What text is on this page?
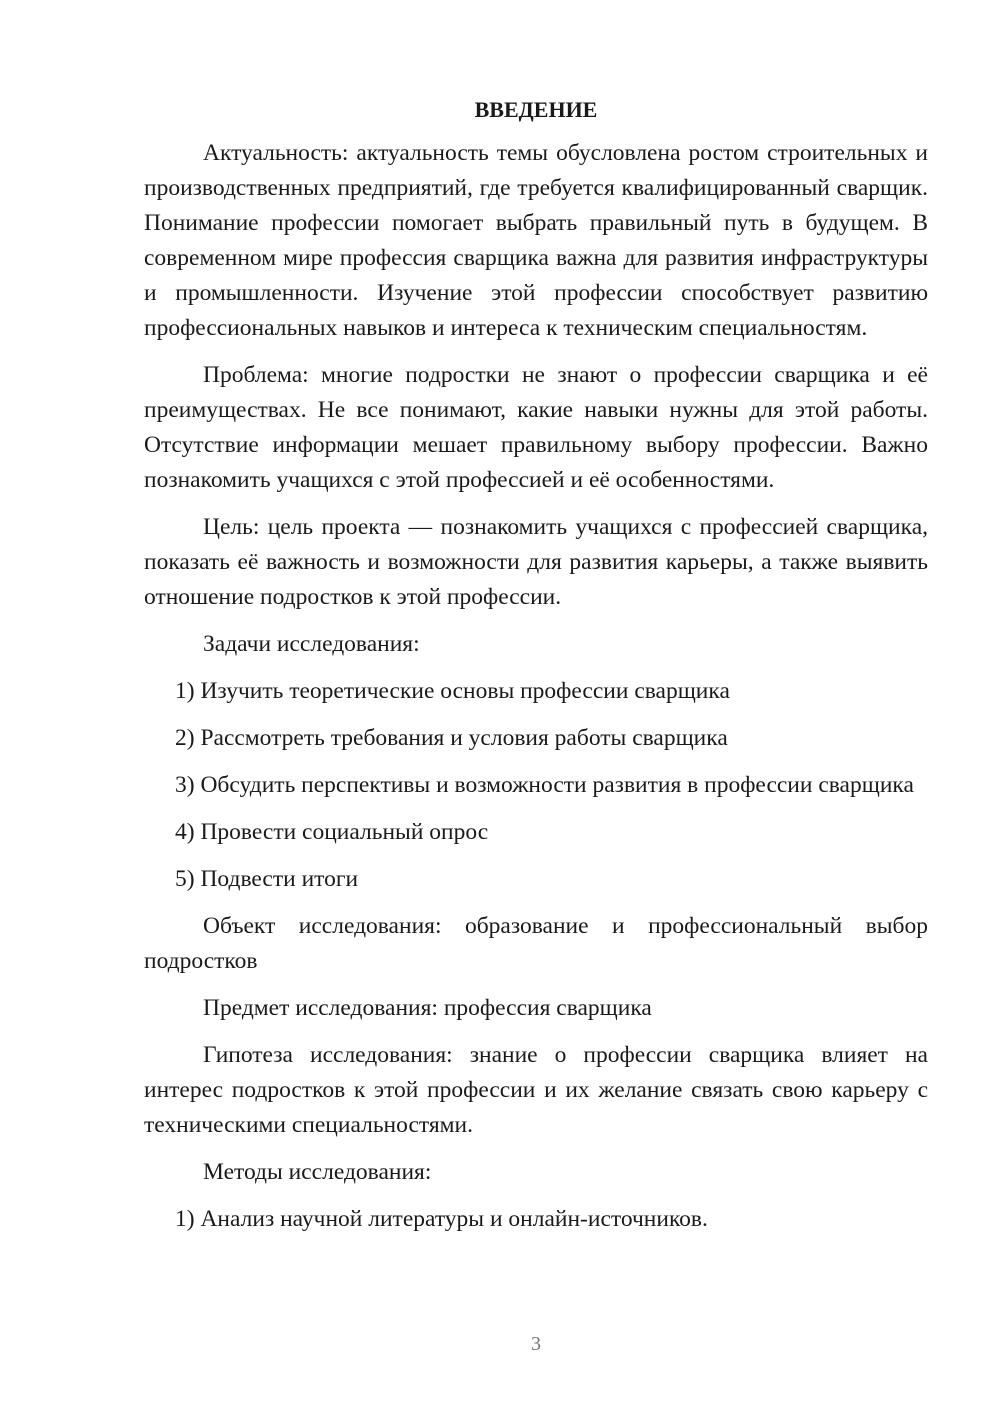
ВВЕДЕНИЕ

Актуальность: актуальность темы обусловлена ростом строительных и производственных предприятий, где требуется квалифицированный сварщик. Понимание профессии помогает выбрать правильный путь в будущем. В современном мире профессия сварщика важна для развития инфраструктуры и промышленности. Изучение этой профессии способствует развитию профессиональных навыков и интереса к техническим специальностям.

Проблема: многие подростки не знают о профессии сварщика и её преимуществах. Не все понимают, какие навыки нужны для этой работы. Отсутствие информации мешает правильному выбору профессии. Важно познакомить учащихся с этой профессией и её особенностями.

Цель: цель проекта — познакомить учащихся с профессией сварщика, показать её важность и возможности для развития карьеры, а также выявить отношение подростков к этой профессии.

Задачи исследования:

1) Изучить теоретические основы профессии сварщика

2) Рассмотреть требования и условия работы сварщика

3) Обсудить перспективы и возможности развития в профессии сварщика

4) Провести социальный опрос

5) Подвести итоги

Объект исследования: образование и профессиональный выбор подростков

Предмет исследования: профессия сварщика

Гипотеза исследования: знание о профессии сварщика влияет на интерес подростков к этой профессии и их желание связать свою карьеру с техническими специальностями.

Методы исследования:

1) Анализ научной литературы и онлайн-источников.

3
